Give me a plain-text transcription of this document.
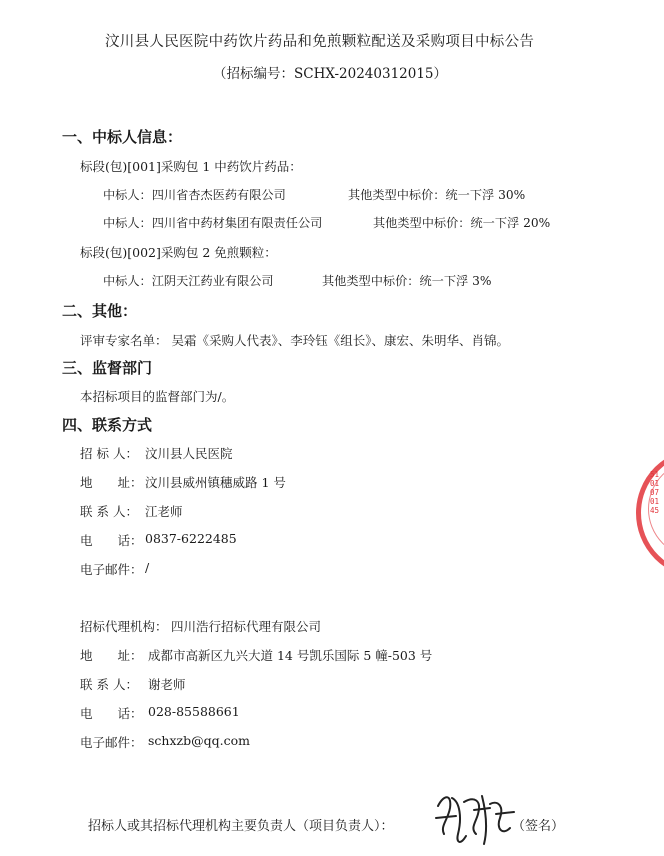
汶川县人民医院中药饮片药品和免煎颗粒配送及采购项目中标公告
（招标编号：SCHX-20240312015）
一、中标人信息：
标段(包)[001]采购包 1 中药饮片药品：
中标人：四川省杏杰医药有限公司	其他类型中标价：统一下浮 30%
中标人：四川省中药材集团有限责任公司	其他类型中标价：统一下浮 20%
标段(包)[002]采购包 2 免煎颗粒：
中标人：江阴天江药业有限公司	其他类型中标价：统一下浮 3%
二、其他：
评审专家名单： 吴霜《采购人代表》、李玲钰《组长》、康宏、朱明华、肖锦。
三、监督部门
本招标项目的监督部门为/。
四、联系方式
招 标 人： 汶川县人民医院
地　　址： 汶川县威州镇穗威路 1 号
联 系 人： 江老师
电　　话： 0837-6222485
电子邮件： /
招标代理机构： 四川浩行招标代理有限公司
地　　址： 成都市高新区九兴大道 14 号凯乐国际 5 幢-503 号
联 系 人： 谢老师
电　　话： 028-85588661
电子邮件： schxzb@qq.com
招标人或其招标代理机构主要负责人（项目负责人）：	（签名）
5101070145
